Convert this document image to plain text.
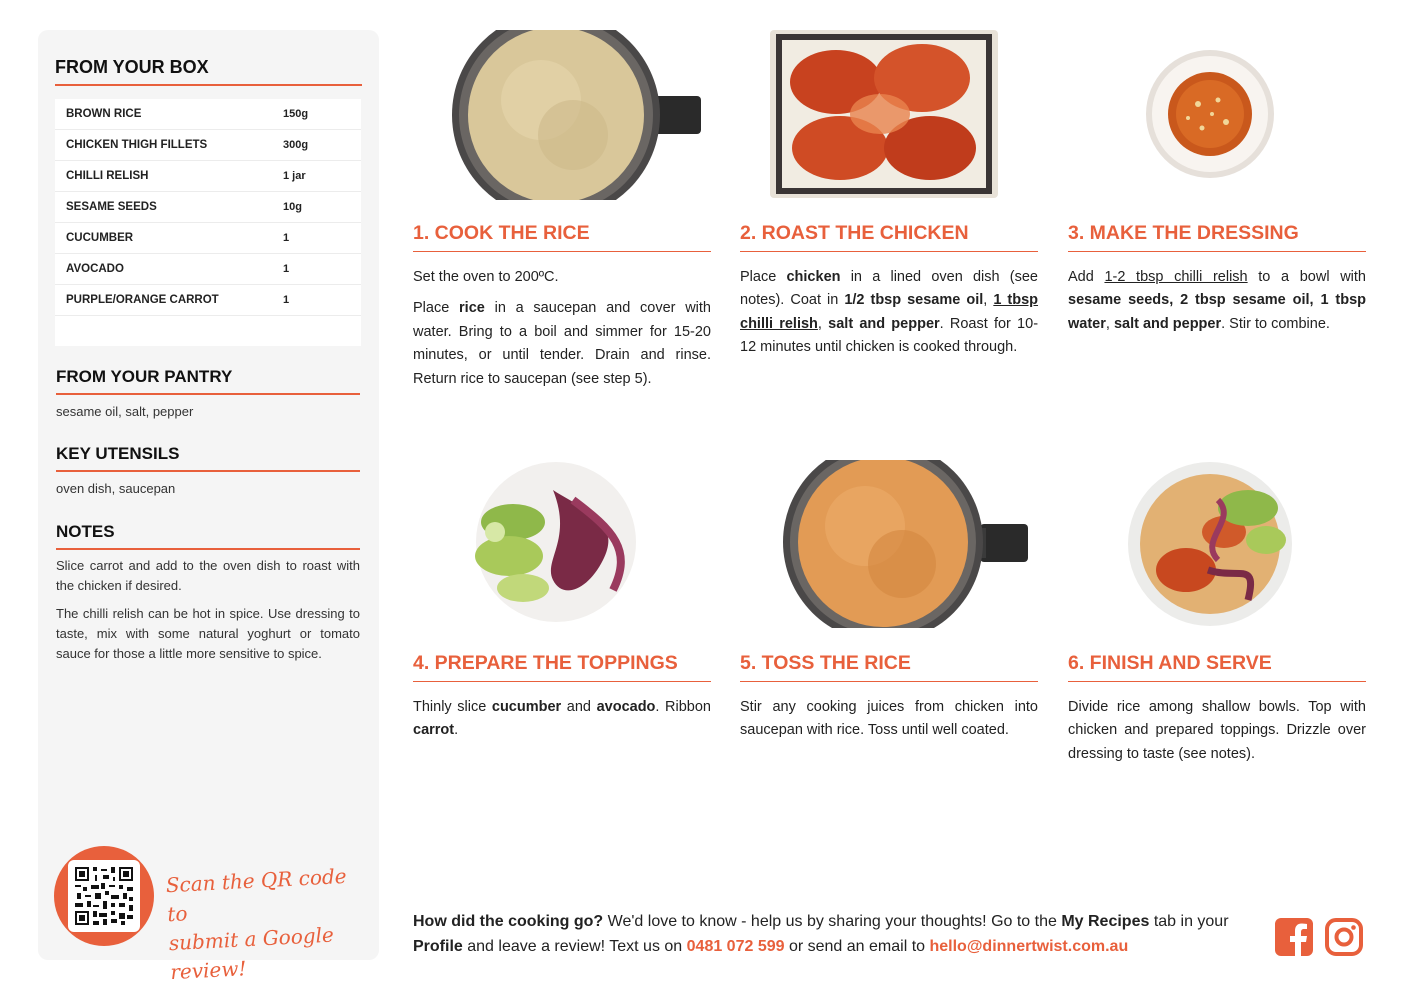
FROM YOUR BOX
BROWN RICE	150g
CHICKEN THIGH FILLETS	300g
CHILLI RELISH	1 jar
SESAME SEEDS	10g
CUCUMBER	1
AVOCADO	1
PURPLE/ORANGE CARROT	1
FROM YOUR PANTRY
sesame oil, salt, pepper
KEY UTENSILS
oven dish, saucepan
NOTES

Slice carrot and add to the oven dish to roast with the chicken if desired.

The chilli relish can be hot in spice. Use dressing to taste, mix with some natural yoghurt or tomato sauce for those a little more sensitive to spice.

Scan the QR code to
submit a Google review!
1. COOK THE RICE

Set the oven to 200ºC.

Place rice in a saucepan and cover with water. Bring to a boil and simmer for 15-20 minutes, or until tender. Drain and rinse. Return rice to saucepan (see step 5).

2. ROAST THE CHICKEN

Place chicken in a lined oven dish (see notes). Coat in 1/2 tbsp sesame oil, 1 tbsp chilli relish, salt and pepper. Roast for 10-12 minutes until chicken is cooked through.

3. MAKE THE DRESSING

Add 1-2 tbsp chilli relish to a bowl with sesame seeds, 2 tbsp sesame oil, 1 tbsp water, salt and pepper. Stir to combine.

4. PREPARE THE TOPPINGS

Thinly slice cucumber and avocado. Ribbon carrot.

5. TOSS THE RICE

Stir any cooking juices from chicken into saucepan with rice. Toss until well coated.

6. FINISH AND SERVE

Divide rice among shallow bowls. Top with chicken and prepared toppings. Drizzle over dressing to taste (see notes).

How did the cooking go? We'd love to know - help us by sharing your thoughts! Go to the My Recipes tab in your Profile and leave a review! Text us on 0481 072 599 or send an email to hello@dinnertwist.com.au
